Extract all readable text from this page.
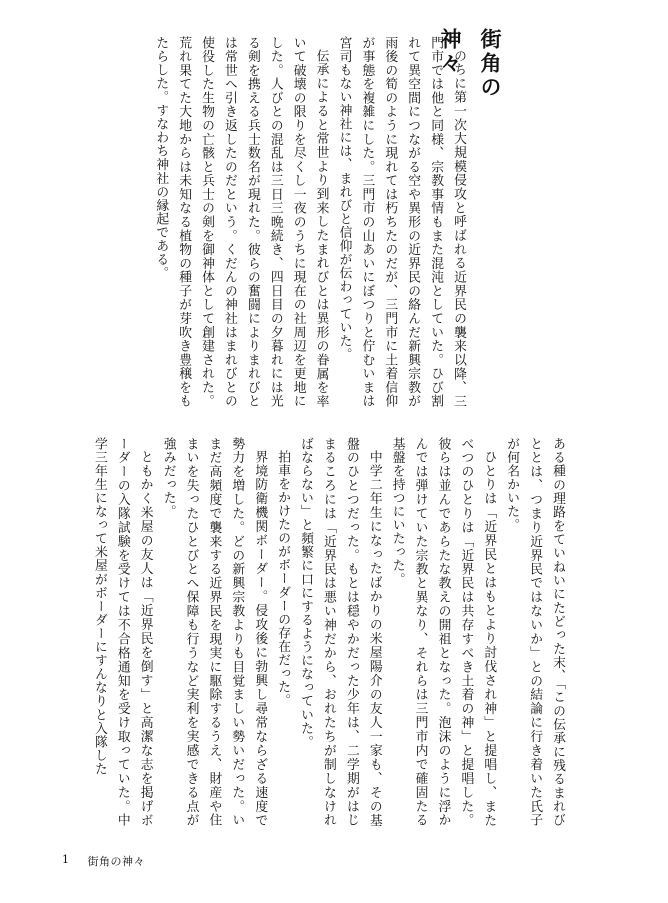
街角の神々

のちに第一次大規模侵攻と呼ばれる近界民の襲来以降、三門市では他と同様、宗教事情もまた混沌としていた。ひび割れて異空間につながる空や異形の近界民の絡んだ新興宗教が雨後の筍のように現れては朽ちたのだが、三門市に土着信仰が事態を複雑にした。三門市の山あいにぼつりと佇むいまは宮司もない神社には、まれびと信仰が伝わっていた。

伝承によると常世より到来したまれびとは異形の眷属を率いて破壊の限りを尽くし一夜のうちに現在の社周辺を更地にした。人びとの混乱は三日三晩続き、四日目の夕暮れには光る剣を携える兵士数名が現れた。彼らの奮闘によりまれびとは常世へ引き返したのだという。くだんの神社はまれびとの使役した生物の亡骸と兵士の剣を御神体として創建された。荒れ果てた大地からは未知なる植物の種子が芽吹き豊穣をもたらした。すなわち神社の縁起である。

ある種の理路をていねいにたどった末、「この伝承に残るまれびととは、つまり近界民ではないか」との結論に行き着いた氏子が何名かいた。

ひとりは「近界民とはもとより討伐され神」と提唱し、またべつのひとりは「近界民は共存すべき土着の神」と提唱した。彼らは並んであらたな教えの開祖となった。泡沫のように浮かんでは弾けていた宗教と異なり、それらは三門市内で確固たる基盤を持つにいたった。

中学二年生になったばかりの米屋陽介の友人一家も、その基盤のひとつだった。もとは穏やかだった少年は、二学期がはじまるころには「近界民は悪い神だから、おれたちが制しなければならない」と頻繁に口にするようになっていた。

拍車をかけたのがボーダーの存在だった。

界境防衛機関ボーダー。侵攻後に勃興し尋常ならざる速度で勢力を増した。どの新興宗教よりも目覚ましい勢いだった。いまだ高頻度で襲来する近界民を現実に駆除するうえ、財産や住まいを失ったひとびとへ保障も行うなど実利を実感できる点が強みだった。

ともかく米屋の友人は「近界民を倒す」と高潔な志を掲げボーダーの入隊試験を受けては不合格通知を受け取っていた。中学三年生になって米屋がボーダーにすんなりと入隊した

1 街角の神々
